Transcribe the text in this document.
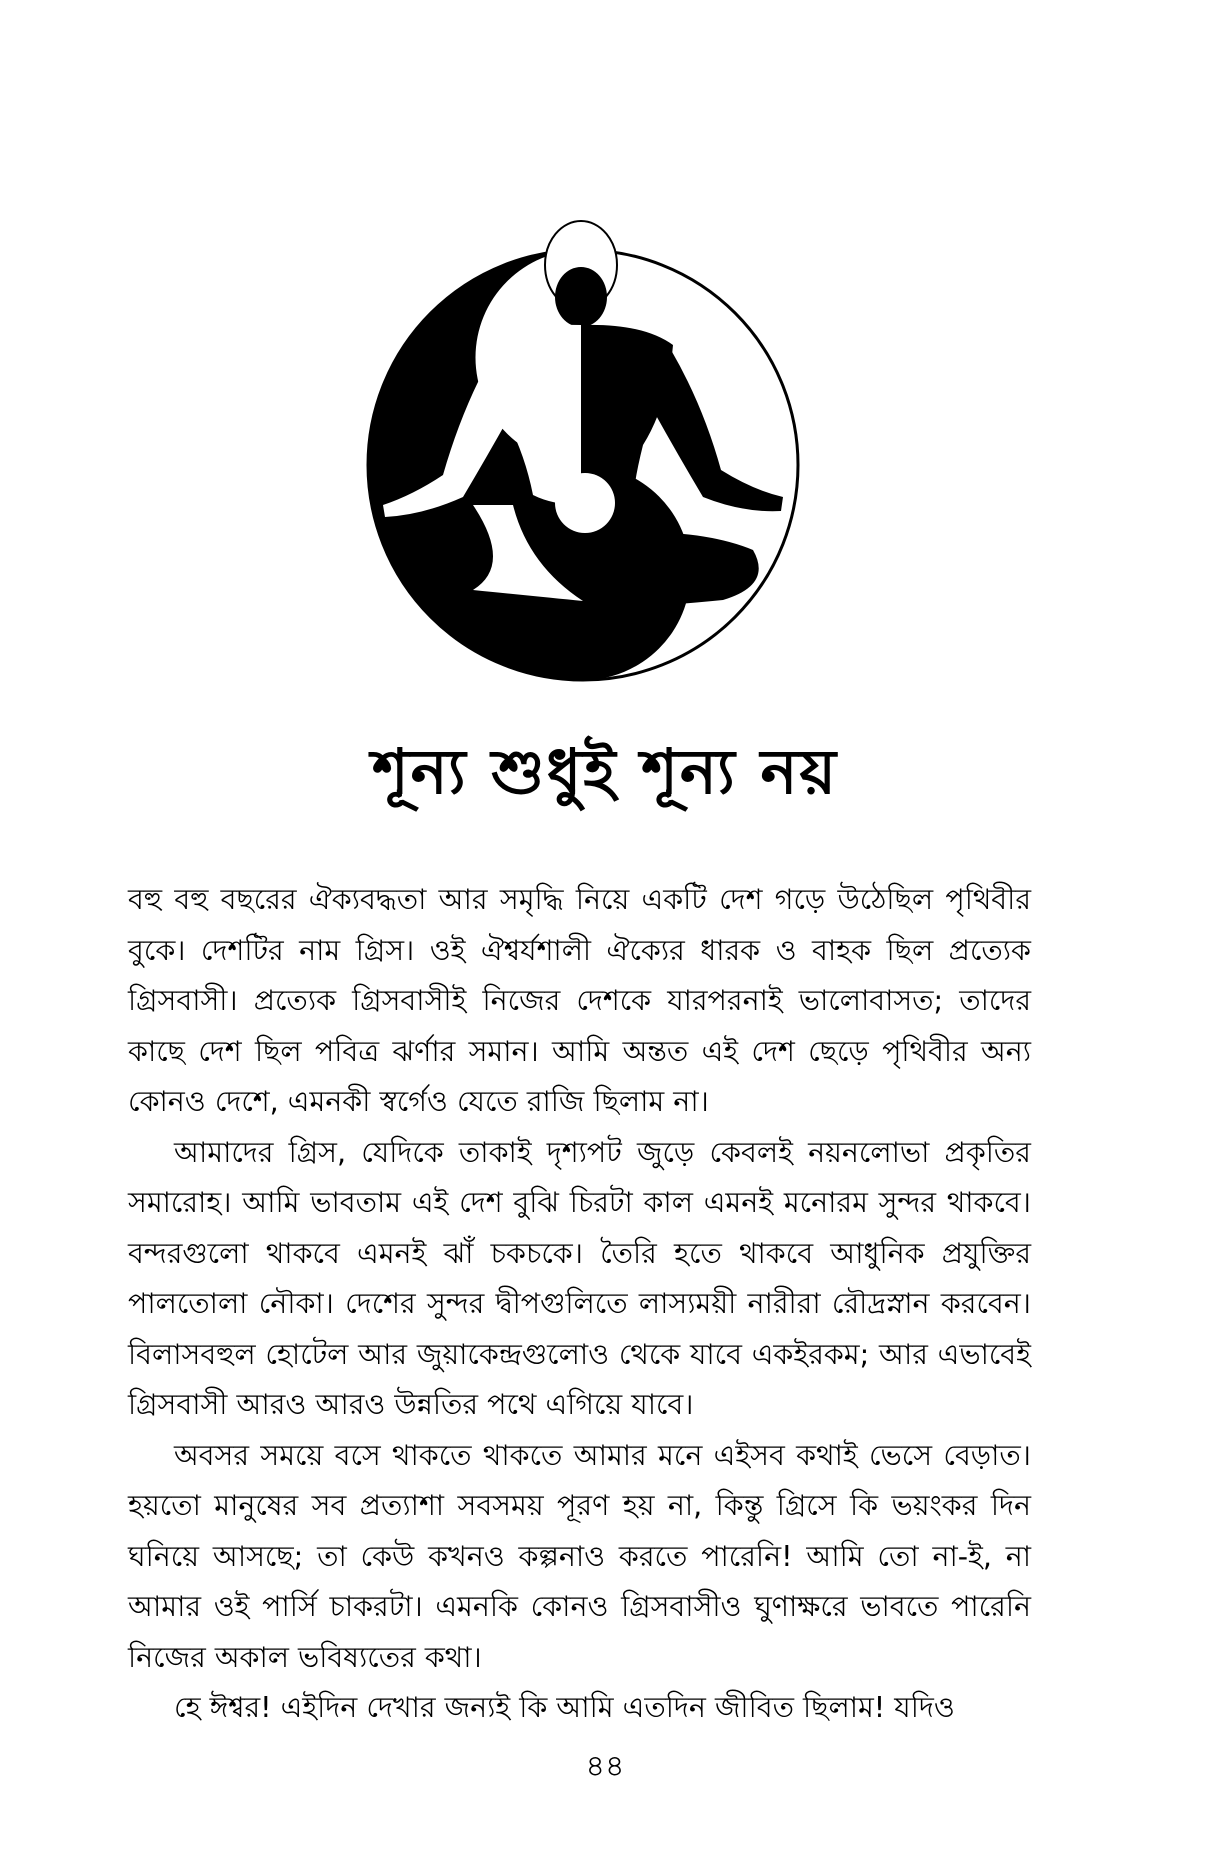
শূন্য শুধুই শূন্য নয়

বহু বহু বছরের ঐক্যবদ্ধতা আর সমৃদ্ধি নিয়ে একটি দেশ গড়ে উঠেছিল পৃথিবীর বুকে। দেশটির নাম গ্রিস। ওই ঐশ্বর্যশালী ঐক্যের ধারক ও বাহক ছিল প্রত্যেক গ্রিসবাসী। প্রত্যেক গ্রিসবাসীই নিজের দেশকে যারপরনাই ভালোবাসত; তাদের কাছে দেশ ছিল পবিত্র ঝর্ণার সমান। আমি অন্তত এই দেশ ছেড়ে পৃথিবীর অন্য কোনও দেশে, এমনকী স্বর্গেও যেতে রাজি ছিলাম না।

আমাদের গ্রিস, যেদিকে তাকাই দৃশ্যপট জুড়ে কেবলই নয়নলোভা প্রকৃতির সমারোহ। আমি ভাবতাম এই দেশ বুঝি চিরটা কাল এমনই মনোরম সুন্দর থাকবে। বন্দরগুলো থাকবে এমনই ঝাঁ চকচকে। তৈরি হতে থাকবে আধুনিক প্রযুক্তির পালতোলা নৌকা। দেশের সুন্দর দ্বীপগুলিতে লাস্যময়ী নারীরা রৌদ্রস্নান করবেন। বিলাসবহুল হোটেল আর জুয়াকেন্দ্রগুলোও থেকে যাবে একইরকম; আর এভাবেই গ্রিসবাসী আরও আরও উন্নতির পথে এগিয়ে যাবে।

অবসর সময়ে বসে থাকতে থাকতে আমার মনে এইসব কথাই ভেসে বেড়াত। হয়তো মানুষের সব প্রত্যাশা সবসময় পূরণ হয় না, কিন্তু গ্রিসে কি ভয়ংকর দিন ঘনিয়ে আসছে; তা কেউ কখনও কল্পনাও করতে পারেনি! আমি তো না-ই, না আমার ওই পার্সি চাকরটা। এমনকি কোনও গ্রিসবাসীও ঘুণাক্ষরে ভাবতে পারেনি নিজের অকাল ভবিষ্যতের কথা।

হে ঈশ্বর! এইদিন দেখার জন্যই কি আমি এতদিন জীবিত ছিলাম! যদিও

৪৪
